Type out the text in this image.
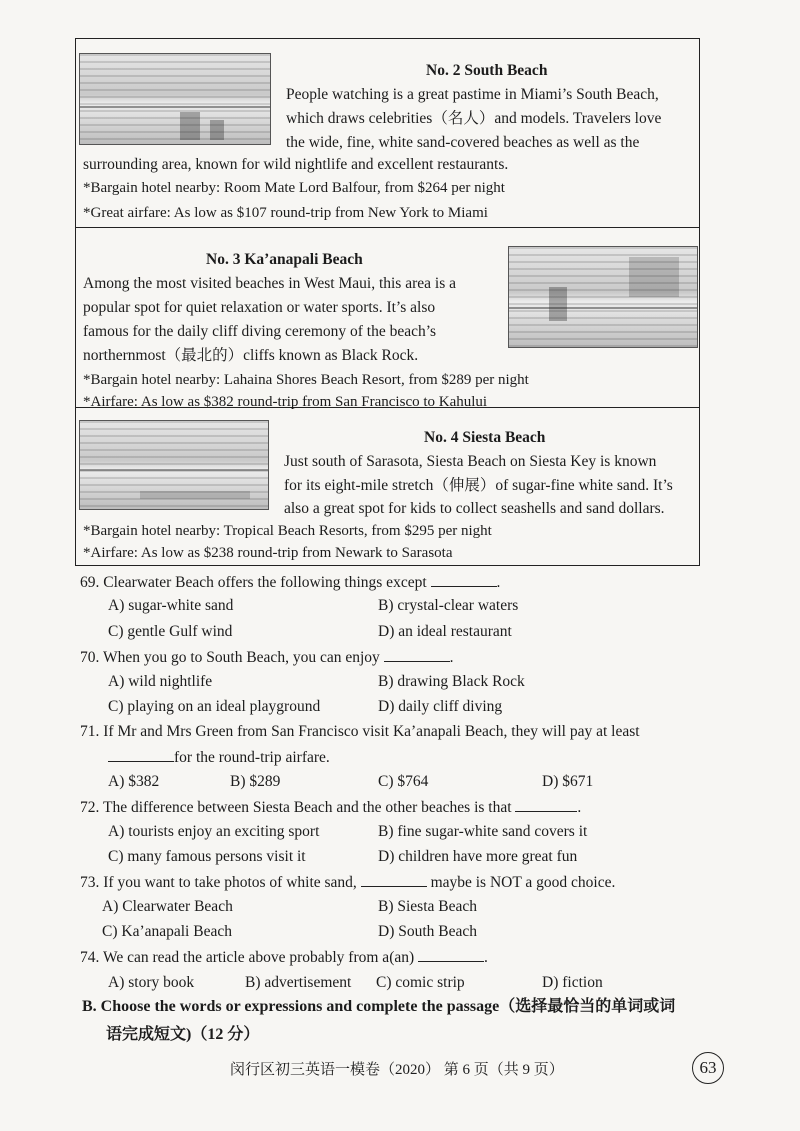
No. 2 South Beach
People watching is a great pastime in Miami’s South Beach,
which draws celebrities（名人）and models. Travelers love
the wide, fine, white sand-covered beaches as well as the
surrounding area, known for wild nightlife and excellent restaurants.
*Bargain hotel nearby: Room Mate Lord Balfour, from $264 per night
*Great airfare: As low as $107 round-trip from New York to Miami
No. 3 Ka’anapali Beach
Among the most visited beaches in West Maui, this area is a
popular spot for quiet relaxation or water sports. It’s also
famous for the daily cliff diving ceremony of the beach’s
northernmost（最北的）cliffs known as Black Rock.
*Bargain hotel nearby: Lahaina Shores Beach Resort, from $289 per night
*Airfare: As low as $382 round-trip from San Francisco to Kahului
No. 4 Siesta Beach
Just south of Sarasota, Siesta Beach on Siesta Key is known
for its eight-mile stretch（伸展）of sugar-fine white sand. It’s
also a great spot for kids to collect seashells and sand dollars.
*Bargain hotel nearby: Tropical Beach Resorts, from $295 per night
*Airfare: As low as $238 round-trip from Newark to Sarasota
69. Clearwater Beach offers the following things except	.
A) sugar-white sand	B) crystal-clear waters
C) gentle Gulf wind	D) an ideal restaurant
70. When you go to South Beach, you can enjoy	.
A) wild nightlife	B) drawing Black Rock
C) playing on an ideal playground	D) daily cliff diving
71. If Mr and Mrs Green from San Francisco visit Ka’anapali Beach, they will pay at least
for the round-trip airfare.
A) $382	B) $289	C) $764	D) $671
72. The difference between Siesta Beach and the other beaches is that	.
A) tourists enjoy an exciting sport	B) fine sugar-white sand covers it
C) many famous persons visit it	D) children have more great fun
73. If you want to take photos of white sand,	maybe is NOT a good choice.
A) Clearwater Beach	B) Siesta Beach
C) Ka’anapali Beach	D) South Beach
74. We can read the article above probably from a(an)	.
A) story book	B) advertisement C) comic strip	D) fiction
B. Choose the words or expressions and complete the passage（选择最恰当的单词或词
语完成短文)（12 分）
闵行区初三英语一模卷（2020） 第 6 页（共 9 页）	63
